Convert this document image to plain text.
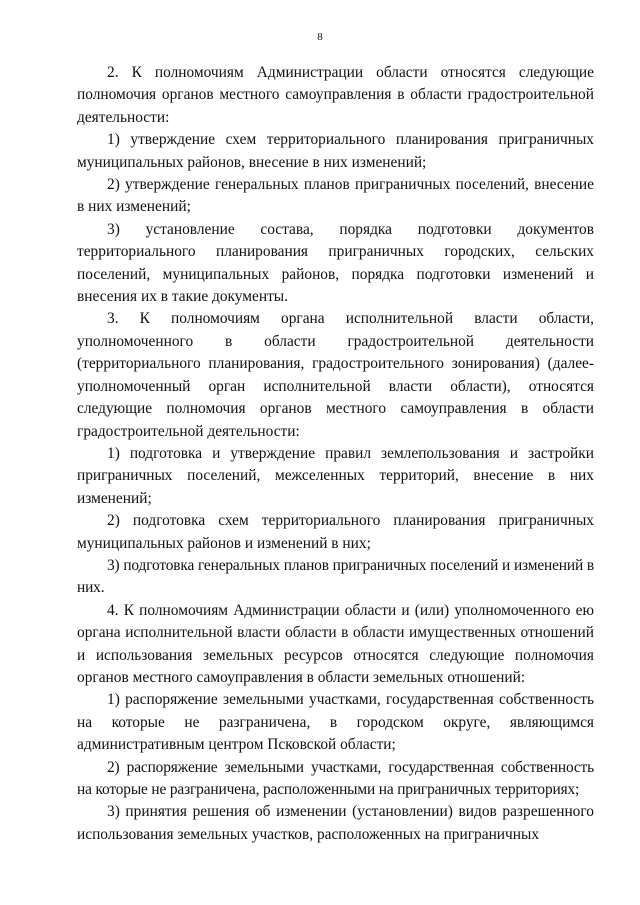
8

2. К полномочиям Администрации области относятся следующие полномочия органов местного самоуправления в области градостроительной деятельности:

1) утверждение схем территориального планирования приграничных муниципальных районов, внесение в них изменений;

2) утверждение генеральных планов приграничных поселений, внесение в них изменений;

3) установление состава, порядка подготовки документов территориального планирования приграничных городских, сельских поселений, муниципальных районов, порядка подготовки изменений и внесения их в такие документы.

3. К полномочиям органа исполнительной власти области, уполномоченного в области градостроительной деятельности (территориального планирования, градостроительного зонирования) (далее-уполномоченный орган исполнительной власти области), относятся следующие полномочия органов местного самоуправления в области градостроительной деятельности:

1) подготовка и утверждение правил землепользования и застройки приграничных поселений, межселенных территорий, внесение в них изменений;

2) подготовка схем территориального планирования приграничных муниципальных районов и изменений в них;

3) подготовка генеральных планов приграничных поселений и изменений в них.

4. К полномочиям Администрации области и (или) уполномоченного ею органа исполнительной власти области в области имущественных отношений и использования земельных ресурсов относятся следующие полномочия органов местного самоуправления в области земельных отношений:

1) распоряжение земельными участками, государственная собственность на которые не разграничена, в городском округе, являющимся административным центром Псковской области;

2) распоряжение земельными участками, государственная собственность на которые не разграничена, расположенными на приграничных территориях;

3) принятия решения об изменении (установлении) видов разрешенного использования земельных участков, расположенных на приграничных
